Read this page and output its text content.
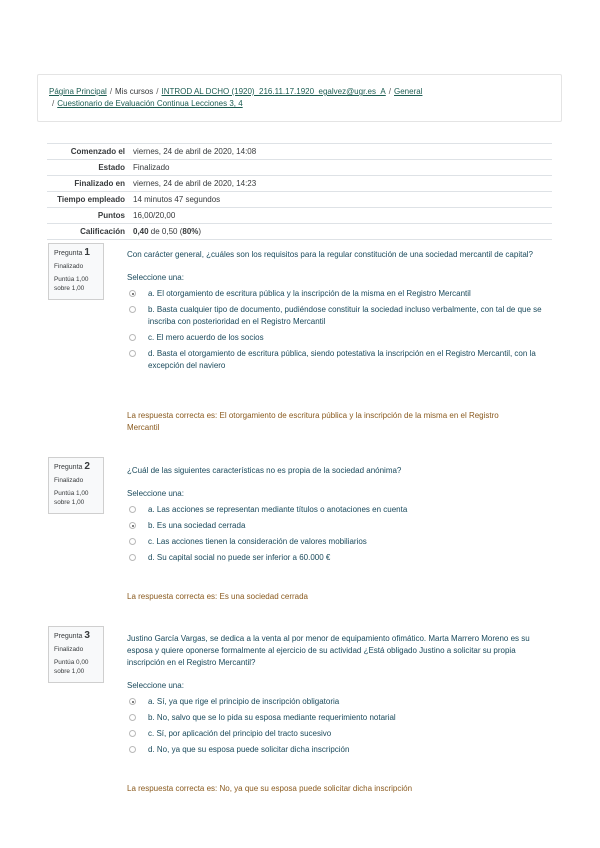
Página Principal / Mis cursos / INTROD AL DCHO (1920)_216.11.17.1920_egalvez@ugr.es_A / General
/ Cuestionario de Evaluación Continua Lecciones 3, 4
Comenzado el	viernes, 24 de abril de 2020, 14:08
Estado	Finalizado
Finalizado en	viernes, 24 de abril de 2020, 14:23
Tiempo empleado	14 minutos 47 segundos
Puntos	16,00/20,00
Calificación	0,40 de 0,50 (80%)
Pregunta 1
Finalizado
Puntúa 1,00 sobre 1,00
Con carácter general, ¿cuáles son los requisitos para la regular constitución de una sociedad mercantil de capital?
Seleccione una:
a. El otorgamiento de escritura pública y la inscripción de la misma en el Registro Mercantil
b. Basta cualquier tipo de documento, pudiéndose constituir la sociedad incluso verbalmente, con tal de que se inscriba con posterioridad en el Registro Mercantil
c. El mero acuerdo de los socios
d. Basta el otorgamiento de escritura pública, siendo potestativa la inscripción en el Registro Mercantil, con la excepción del naviero
La respuesta correcta es: El otorgamiento de escritura pública y la inscripción de la misma en el Registro Mercantil
Pregunta 2
Finalizado
Puntúa 1,00 sobre 1,00
¿Cuál de las siguientes características no es propia de la sociedad anónima?
Seleccione una:
a. Las acciones se representan mediante títulos o anotaciones en cuenta
b. Es una sociedad cerrada
c. Las acciones tienen la consideración de valores mobiliarios
d. Su capital social no puede ser inferior a 60.000 €
La respuesta correcta es: Es una sociedad cerrada
Pregunta 3
Finalizado
Puntúa 0,00 sobre 1,00
Justino García Vargas, se dedica a la venta al por menor de equipamiento ofimático. Marta Marrero Moreno es su esposa y quiere oponerse formalmente al ejercicio de su actividad ¿Está obligado Justino a solicitar su propia inscripción en el Registro Mercantil?
Seleccione una:
a. Sí, ya que rige el principio de inscripción obligatoria
b. No, salvo que se lo pida su esposa mediante requerimiento notarial
c. Sí, por aplicación del principio del tracto sucesivo
d. No, ya que su esposa puede solicitar dicha inscripción
La respuesta correcta es: No, ya que su esposa puede solicitar dicha inscripción
